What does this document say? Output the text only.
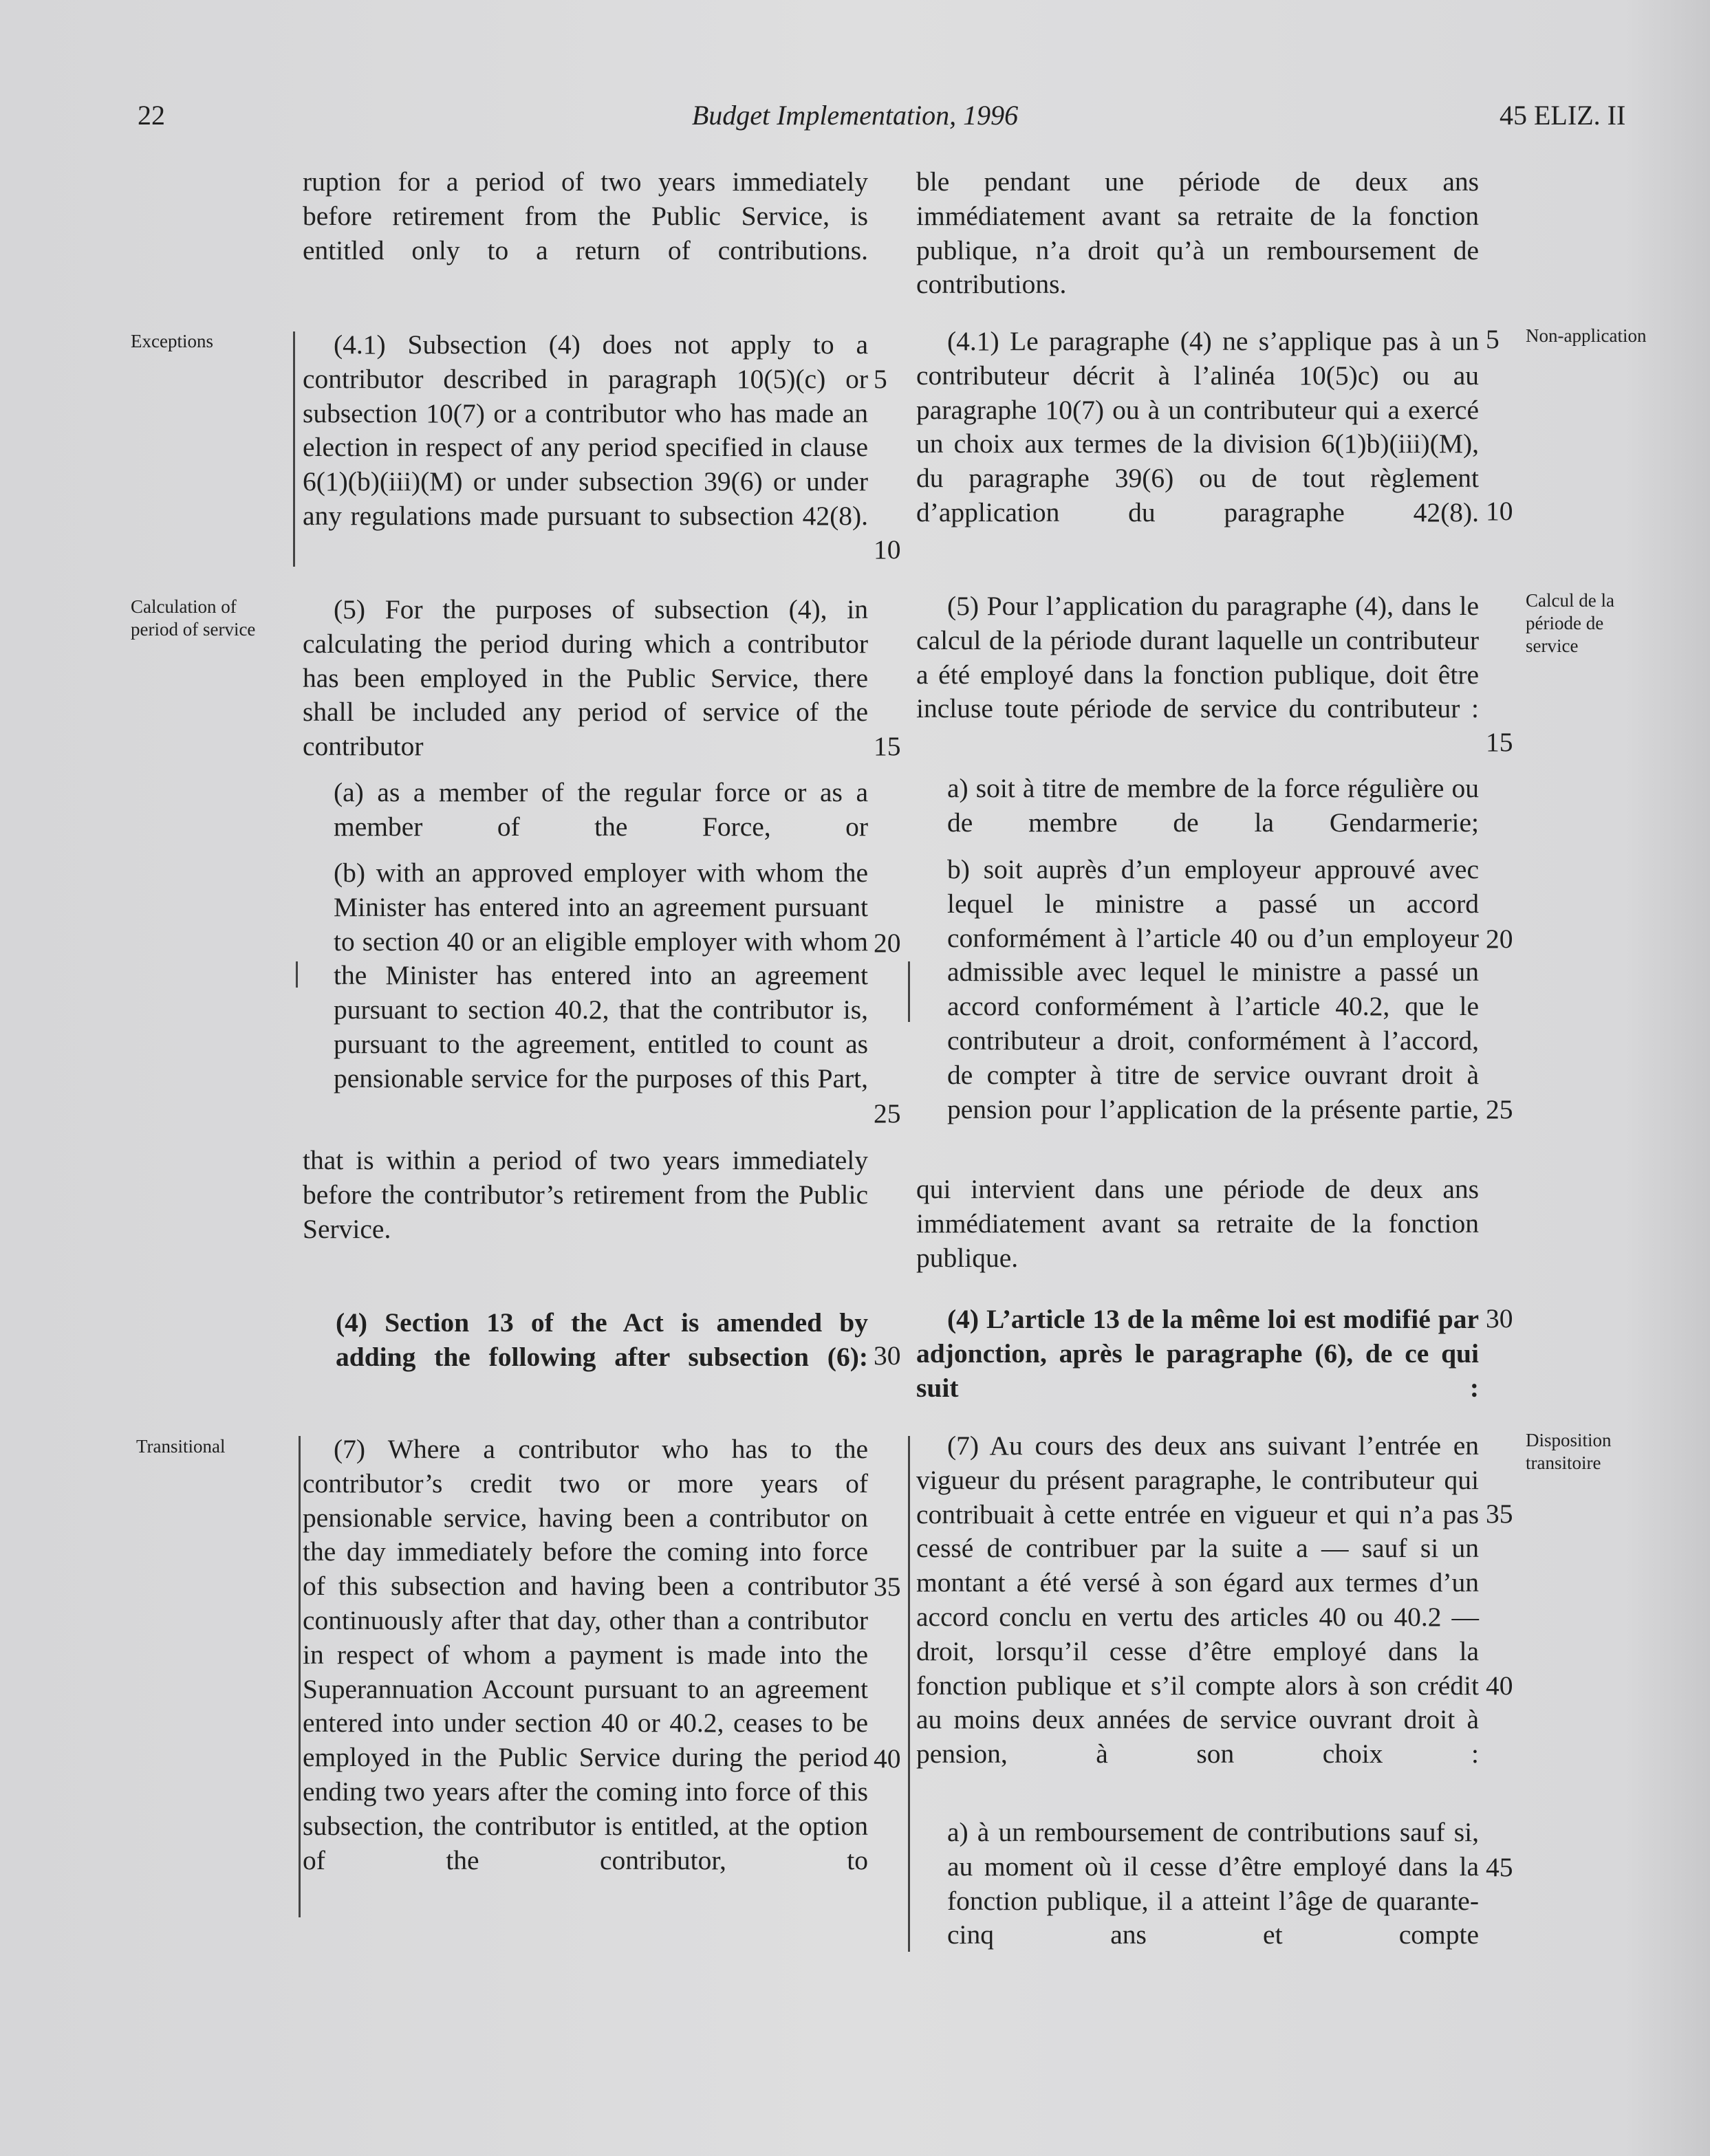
22	Budget Implementation, 1996	45 ELIZ. II
Exceptions
Calculation of period of service
Transitional
Non-application
Calcul de la période de service
Disposition transitoire

ruption for a period of two years immediately before retirement from the Public Service, is entitled only to a return of contributions.

(4.1) Subsection (4) does not apply to a contributor described in paragraph 10(5)(c) or subsection 10(7) or a contributor who has made an election in respect of any period specified in clause 6(1)(b)(iii)(M) or under subsection 39(6) or under any regulations made pursuant to subsection 42(8).

(5) For the purposes of subsection (4), in calculating the period during which a contributor has been employed in the Public Service, there shall be included any period of service of the contributor

(a) as a member of the regular force or as a member of the Force, or

(b) with an approved employer with whom the Minister has entered into an agreement pursuant to section 40 or an eligible employer with whom the Minister has entered into an agreement pursuant to section 40.2, that the contributor is, pursuant to the agreement, entitled to count as pensionable service for the purposes of this Part,

that is within a period of two years immediately before the contributor’s retirement from the Public Service.

(4) Section 13 of the Act is amended by adding the following after subsection (6):

(7) Where a contributor who has to the contributor’s credit two or more years of pensionable service, having been a contributor on the day immediately before the coming into force of this subsection and having been a contributor continuously after that day, other than a contributor in respect of whom a payment is made into the Superannuation Account pursuant to an agreement entered into under section 40 or 40.2, ceases to be employed in the Public Service during the period ending two years after the coming into force of this subsection, the contributor is entitled, at the option of the contributor, to

ble pendant une période de deux ans immédiatement avant sa retraite de la fonction publique, n’a droit qu’à un remboursement de contributions.

(4.1) Le paragraphe (4) ne s’applique pas à un contributeur décrit à l’alinéa 10(5)c) ou au paragraphe 10(7) ou à un contributeur qui a exercé un choix aux termes de la division 6(1)b)(iii)(M), du paragraphe 39(6) ou de tout règlement d’application du paragraphe 42(8).

(5) Pour l’application du paragraphe (4), dans le calcul de la période durant laquelle un contributeur a été employé dans la fonction publique, doit être incluse toute période de service du contributeur :

a) soit à titre de membre de la force régulière ou de membre de la Gendarmerie;

b) soit auprès d’un employeur approuvé avec lequel le ministre a passé un accord conformément à l’article 40 ou d’un employeur admissible avec lequel le ministre a passé un accord conformément à l’article 40.2, que le contributeur a droit, conformément à l’accord, de compter à titre de service ouvrant droit à pension pour l’application de la présente partie,

qui intervient dans une période de deux ans immédiatement avant sa retraite de la fonction publique.

(4) L’article 13 de la même loi est modifié par adjonction, après le paragraphe (6), de ce qui suit :

(7) Au cours des deux ans suivant l’entrée en vigueur du présent paragraphe, le contributeur qui contribuait à cette entrée en vigueur et qui n’a pas cessé de contribuer par la suite a — sauf si un montant a été versé à son égard aux termes d’un accord conclu en vertu des articles 40 ou 40.2 — droit, lorsqu’il cesse d’être employé dans la fonction publique et s’il compte alors à son crédit au moins deux années de service ouvrant droit à pension, à son choix :

a) à un remboursement de contributions sauf si, au moment où il cesse d’être employé dans la fonction publique, il a atteint l’âge de quarante-cinq ans et compte

5
10
15
20
25
30
35
40
5
10
15
20
25
30
35
40
45
